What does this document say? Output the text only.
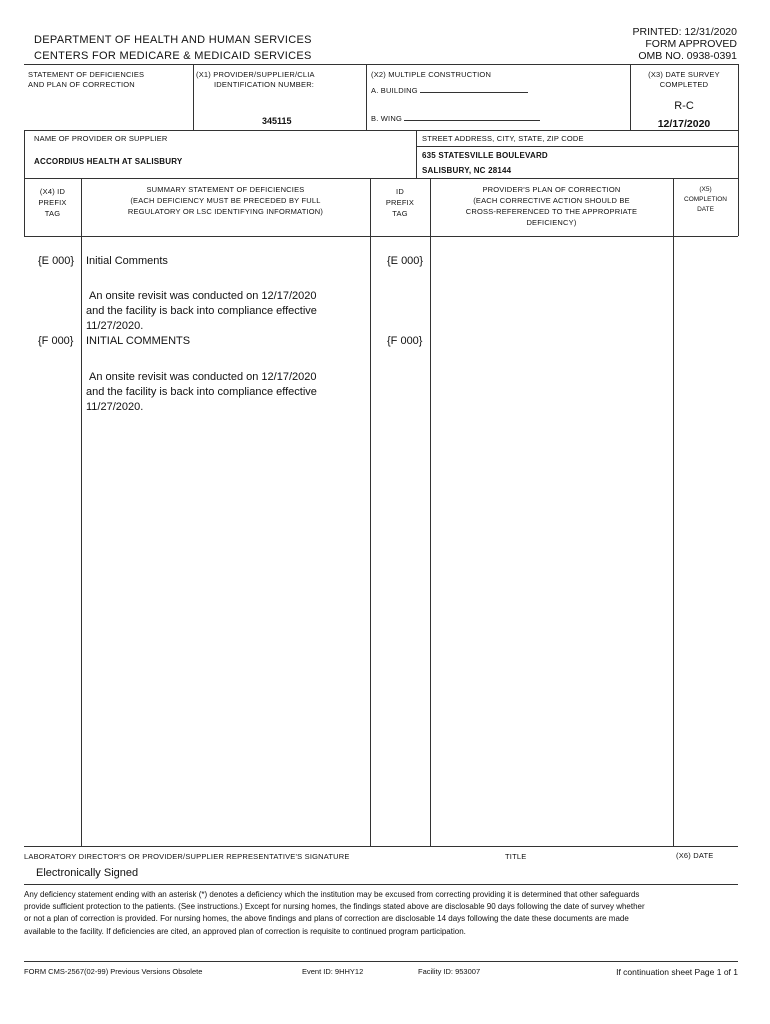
DEPARTMENT OF HEALTH AND HUMAN SERVICES
CENTERS FOR MEDICARE & MEDICAID SERVICES
PRINTED: 12/31/2020
FORM APPROVED
OMB NO. 0938-0391
STATEMENT OF DEFICIENCIES
AND PLAN OF CORRECTION
(X1) PROVIDER/SUPPLIER/CLIA
IDENTIFICATION NUMBER:
345115
(X2) MULTIPLE CONSTRUCTION
A. BUILDING
B. WING
(X3) DATE SURVEY
COMPLETED
R-C
12/17/2020
NAME OF PROVIDER OR SUPPLIER
ACCORDIUS HEALTH AT SALISBURY
STREET ADDRESS, CITY, STATE, ZIP CODE
635 STATESVILLE BOULEVARD
SALISBURY, NC 28144
(X4) ID
PREFIX
TAG
SUMMARY STATEMENT OF DEFICIENCIES
(EACH DEFICIENCY MUST BE PRECEDED BY FULL
REGULATORY OR LSC IDENTIFYING INFORMATION)
ID
PREFIX
TAG
PROVIDER'S PLAN OF CORRECTION
(EACH CORRECTIVE ACTION SHOULD BE
CROSS-REFERENCED TO THE APPROPRIATE
DEFICIENCY)
(X5)
COMPLETION
DATE
{E 000} Initial Comments	{E 000}
An onsite revisit was conducted on 12/17/2020 and the facility is back into compliance effective 11/27/2020.
{F 000} INITIAL COMMENTS	{F 000}
An onsite revisit was conducted on 12/17/2020 and the facility is back into compliance effective 11/27/2020.
LABORATORY DIRECTOR'S OR PROVIDER/SUPPLIER REPRESENTATIVE'S SIGNATURE	TITLE	(X6) DATE
Electronically Signed
Any deficiency statement ending with an asterisk (*) denotes a deficiency which the institution may be excused from correcting providing it is determined that other safeguards provide sufficient protection to the patients. (See instructions.) Except for nursing homes, the findings stated above are disclosable 90 days following the date of survey whether or not a plan of correction is provided. For nursing homes, the above findings and plans of correction are disclosable 14 days following the date these documents are made available to the facility. If deficiencies are cited, an approved plan of correction is requisite to continued program participation.
FORM CMS-2567(02-99) Previous Versions Obsolete	Event ID: 9HHY12	Facility ID: 953007	If continuation sheet Page 1 of 1
